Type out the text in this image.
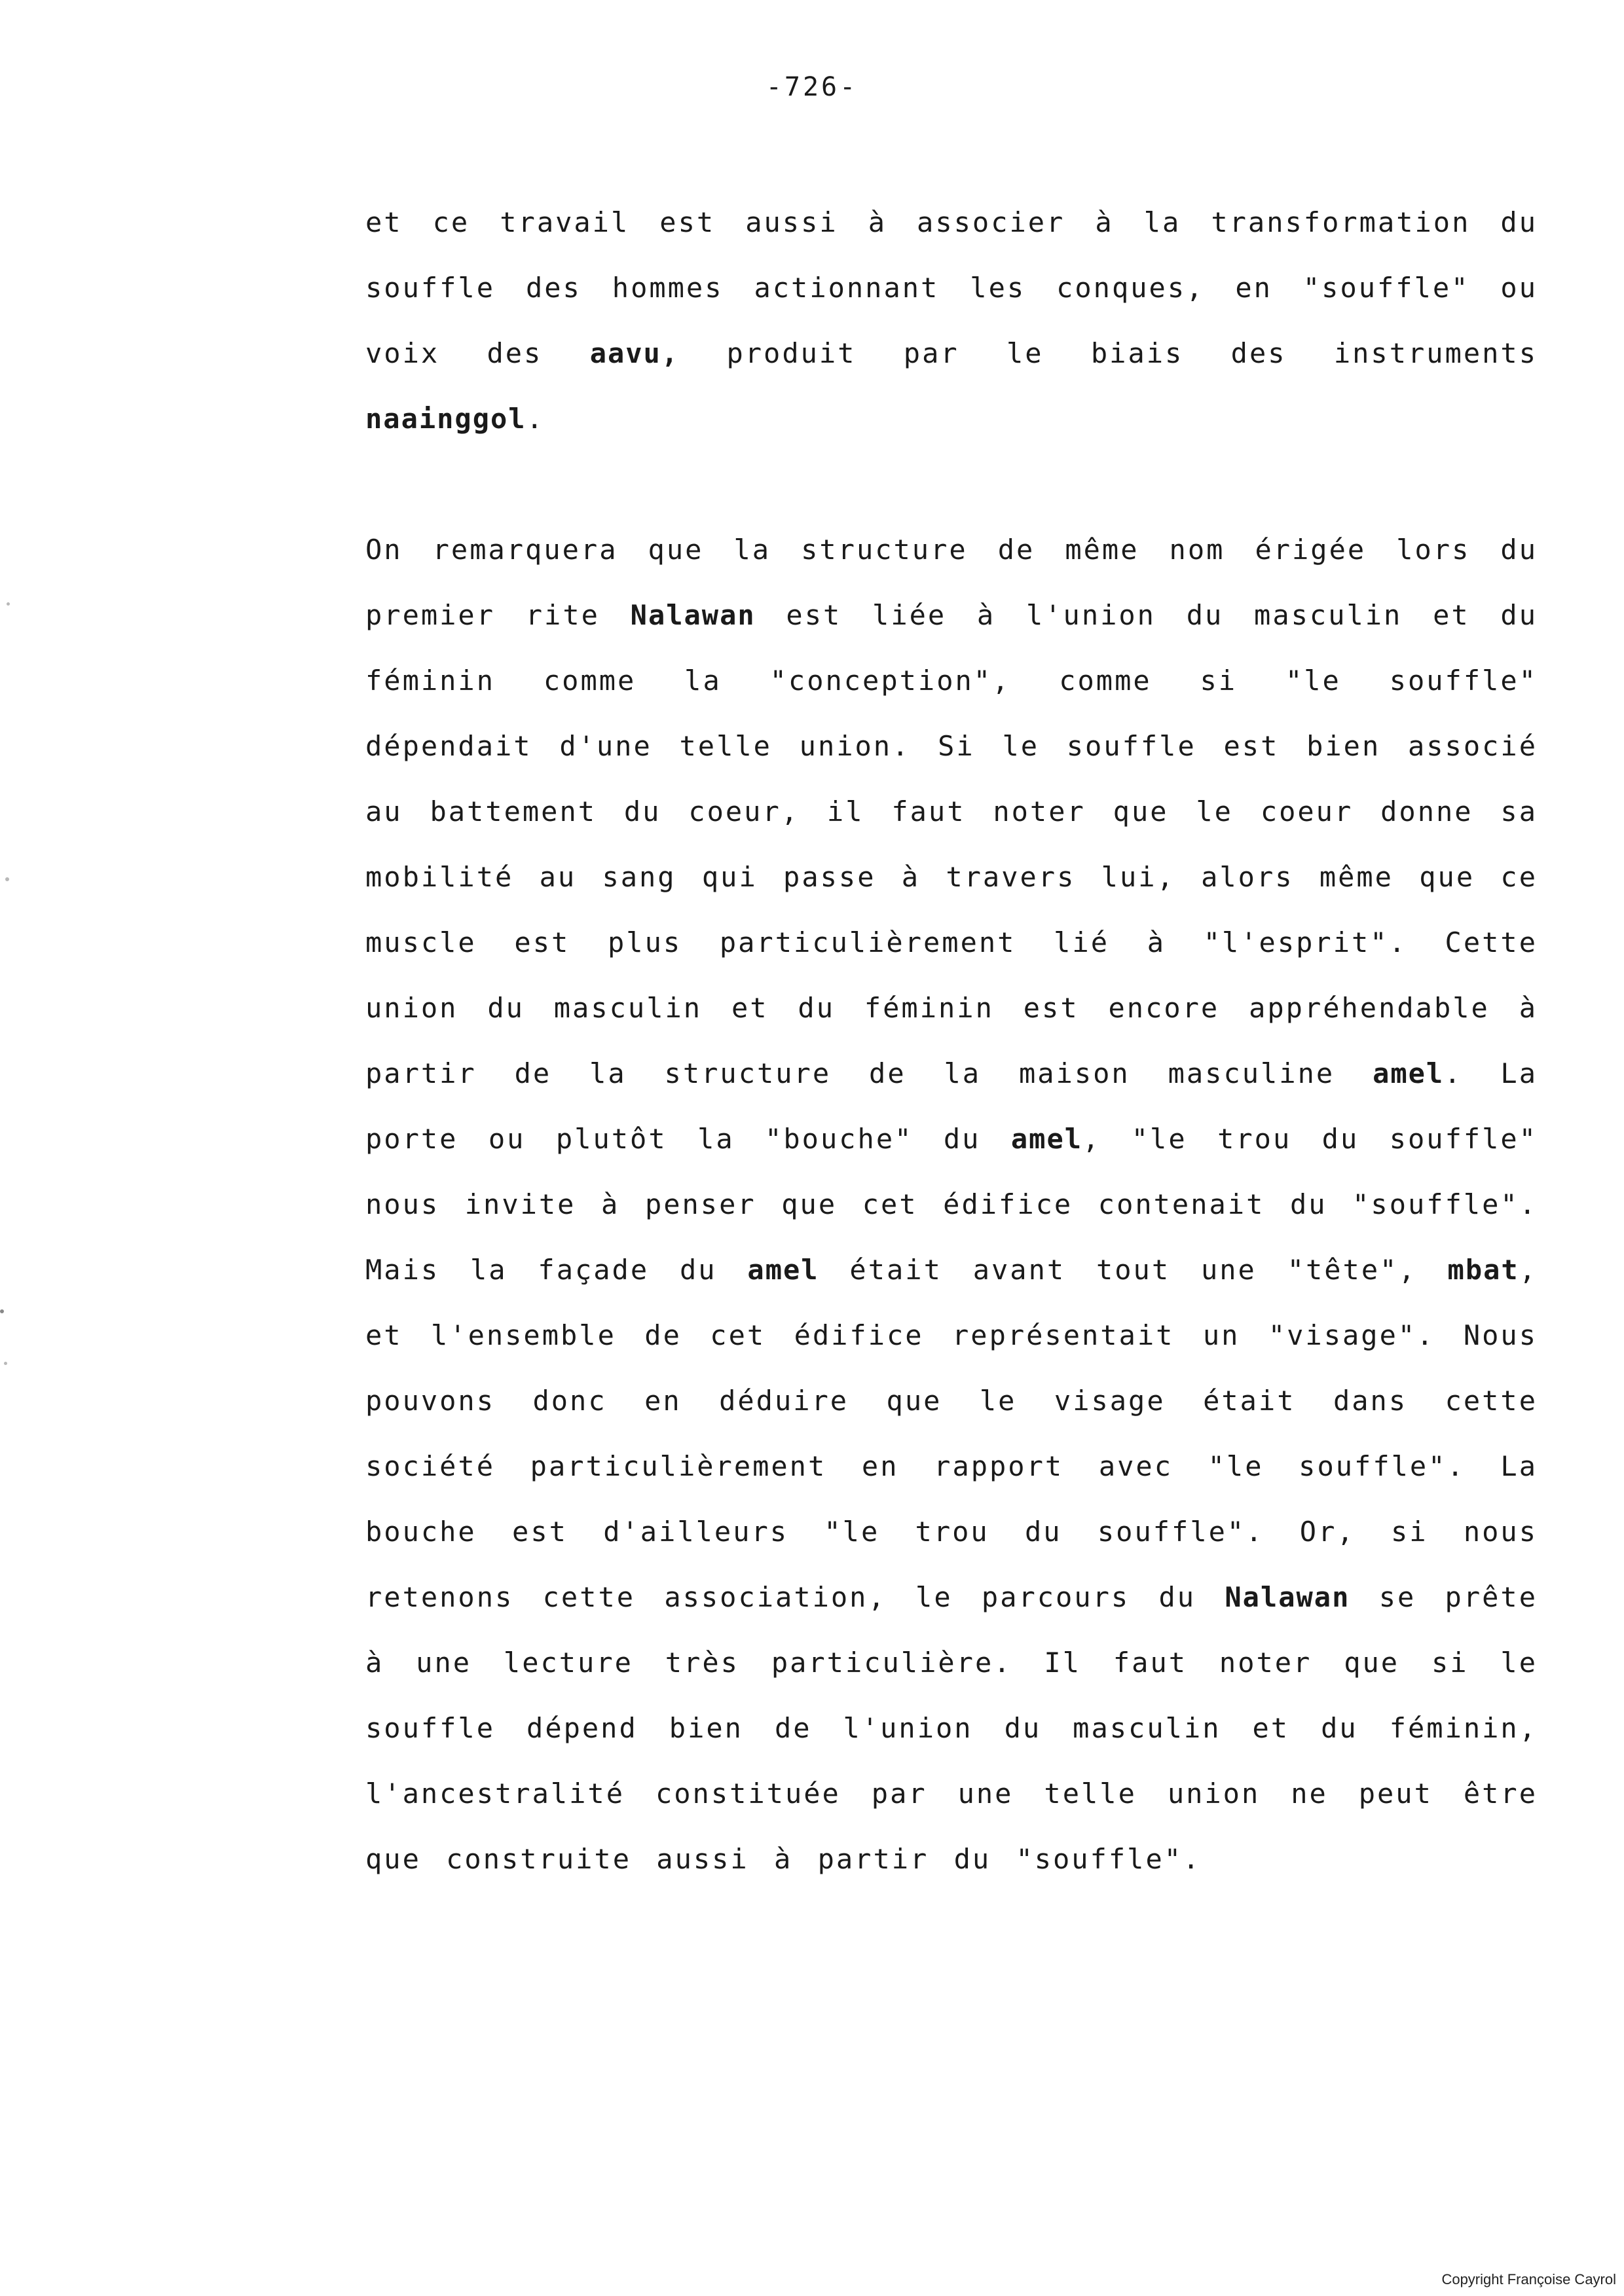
-726-

et ce travail est aussi à associer à la transformation du souffle des hommes actionnant les conques, en "souffle" ou voix des aavu, produit par le biais des instruments naainggol.

On remarquera que la structure de même nom érigée lors du premier rite Nalawan est liée à l'union du masculin et du féminin comme la "conception", comme si "le souffle" dépendait d'une telle union. Si le souffle est bien associé au battement du coeur, il faut noter que le coeur donne sa mobilité au sang qui passe à travers lui, alors même que ce muscle est plus particulièrement lié à "l'esprit". Cette union du masculin et du féminin est encore appréhendable à partir de la structure de la maison masculine amel. La porte ou plutôt la "bouche" du amel, "le trou du souffle" nous invite à penser que cet édifice contenait du "souffle". Mais la façade du amel était avant tout une "tête", mbat, et l'ensemble de cet édifice représentait un "visage". Nous pouvons donc en déduire que le visage était dans cette société particulièrement en rapport avec "le souffle". La bouche est d'ailleurs "le trou du souffle". Or, si nous retenons cette association, le parcours du Nalawan se prête à une lecture très particulière. Il faut noter que si le souffle dépend bien de l'union du masculin et du féminin, l'ancestralité constituée par une telle union ne peut être que construite aussi à partir du "souffle".

Copyright Françoise Cayrol
